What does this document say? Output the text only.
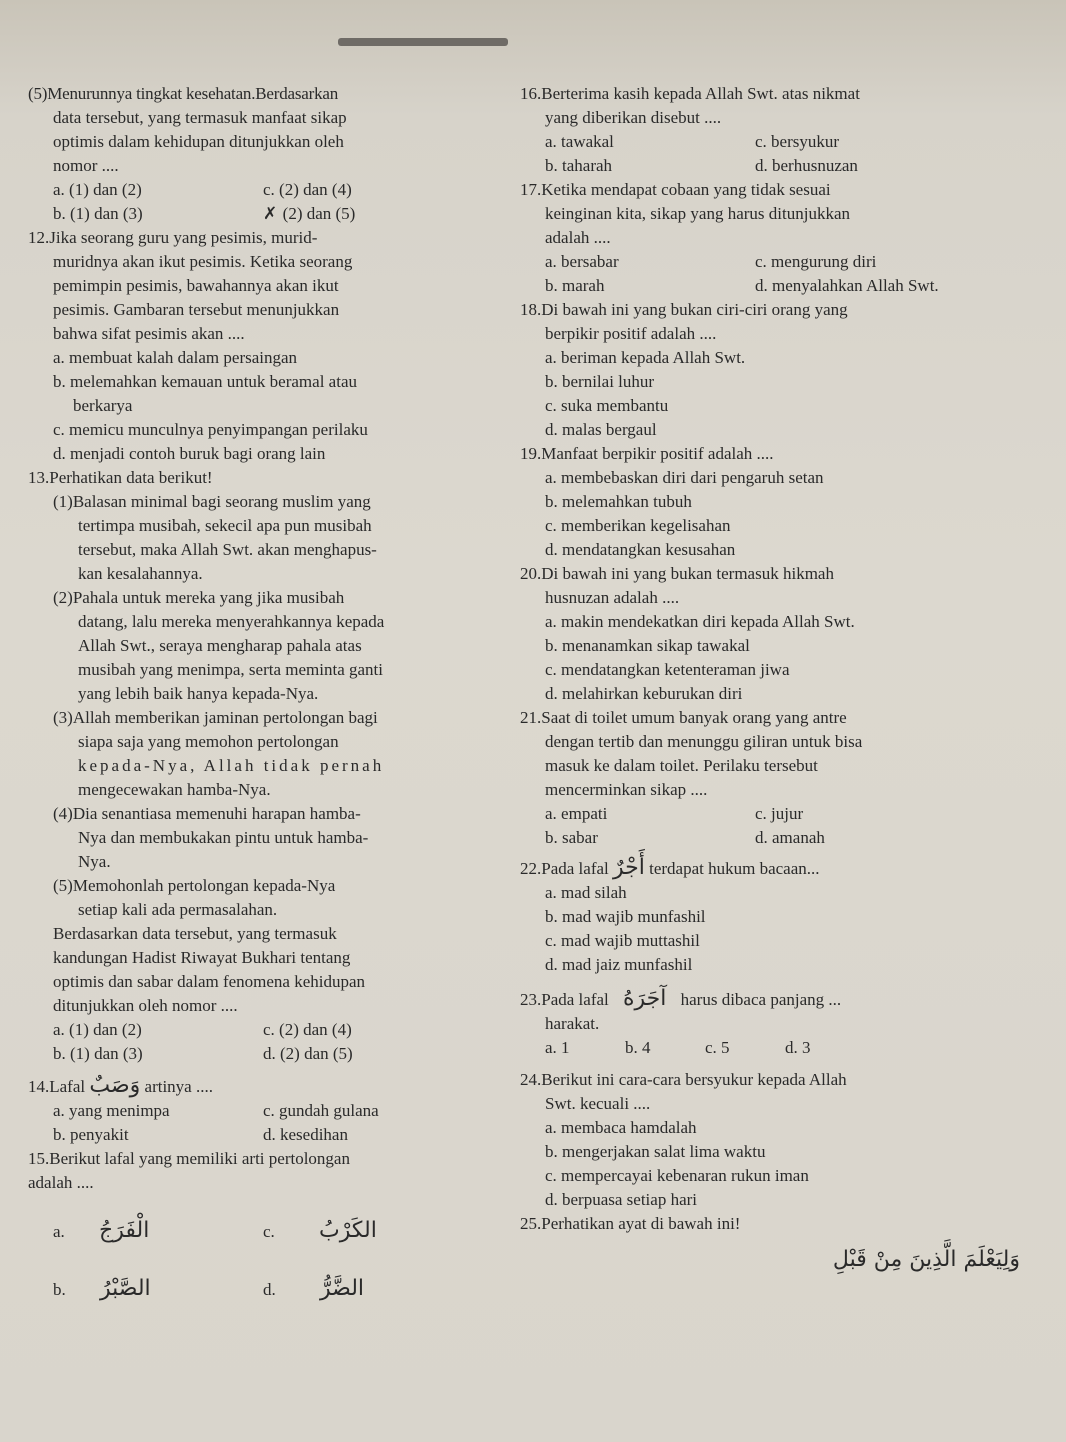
(5)Menurunnya tingkat kesehatan.Berdasarkan
data tersebut, yang termasuk manfaat sikap
optimis dalam kehidupan ditunjukkan oleh
nomor ....
a. (1) dan (2)	c. (2) dan (4)
b. (1) dan (3)	✗ (2) dan (5)
12.Jika seorang guru yang pesimis, murid-
muridnya akan ikut pesimis. Ketika seorang
pemimpin pesimis, bawahannya akan ikut
pesimis. Gambaran tersebut menunjukkan
bahwa sifat pesimis akan ....
a. membuat kalah dalam persaingan
b. melemahkan kemauan untuk beramal atau
berkarya
c. memicu munculnya penyimpangan perilaku
d. menjadi contoh buruk bagi orang lain
13.Perhatikan data berikut!
(1)Balasan minimal bagi seorang muslim yang
tertimpa musibah, sekecil apa pun musibah
tersebut, maka Allah Swt. akan menghapus-
kan kesalahannya.
(2)Pahala untuk mereka yang jika musibah
datang, lalu mereka menyerahkannya kepada
Allah Swt., seraya mengharap pahala atas
musibah yang menimpa, serta meminta ganti
yang lebih baik hanya kepada-Nya.
(3)Allah memberikan jaminan pertolongan bagi
siapa saja yang memohon pertolongan
kepada-Nya, Allah tidak pernah
mengecewakan hamba-Nya.
(4)Dia senantiasa memenuhi harapan hamba-
Nya dan membukakan pintu untuk hamba-
Nya.
(5)Memohonlah pertolongan kepada-Nya
setiap kali ada permasalahan.
Berdasarkan data tersebut, yang termasuk
kandungan Hadist Riwayat Bukhari tentang
optimis dan sabar dalam fenomena kehidupan
ditunjukkan oleh nomor ....
a. (1) dan (2)	c. (2) dan (4)
b. (1) dan (3)	d. (2) dan (5)
14.Lafal وَصَبٌ artinya ....
a. yang menimpa	c. gundah gulana
b. penyakit	d. kesedihan
15.Berikut lafal yang memiliki arti pertolongan
adalah ....
a. الْفَرَجُ	c. الكَرْبُ
b. الصَّبْرُ	d. الضَّرُّ
16.Berterima kasih kepada Allah Swt. atas nikmat
yang diberikan disebut ....
a. tawakal	c. bersyukur
b. taharah	d. berhusnuzan
17.Ketika mendapat cobaan yang tidak sesuai
keinginan kita, sikap yang harus ditunjukkan
adalah ....
a. bersabar	c. mengurung diri
b. marah	d. menyalahkan Allah Swt.
18.Di bawah ini yang bukan ciri-ciri orang yang
berpikir positif adalah ....
a. beriman kepada Allah Swt.
b. bernilai luhur
c. suka membantu
d. malas bergaul
19.Manfaat berpikir positif adalah ....
a. membebaskan diri dari pengaruh setan
b. melemahkan tubuh
c. memberikan kegelisahan
d. mendatangkan kesusahan
20.Di bawah ini yang bukan termasuk hikmah
husnuzan adalah ....
a. makin mendekatkan diri kepada Allah Swt.
b. menanamkan sikap tawakal
c. mendatangkan ketenteraman jiwa
d. melahirkan keburukan diri
21.Saat di toilet umum banyak orang yang antre
dengan tertib dan menunggu giliran untuk bisa
masuk ke dalam toilet. Perilaku tersebut
mencerminkan sikap ....
a. empati	c. jujur
b. sabar	d. amanah
22.Pada lafal أَجْرٌ terdapat hukum bacaan...
a. mad silah
b. mad wajib munfashil
c. mad wajib muttashil
d. mad jaiz munfashil
23.Pada lafal آجَرَهُ harus dibaca panjang ...
harakat.
a. 1	b. 4	c. 5	d. 3
24.Berikut ini cara-cara bersyukur kepada Allah
Swt. kecuali ....
a. membaca hamdalah
b. mengerjakan salat lima waktu
c. mempercayai kebenaran rukun iman
d. berpuasa setiap hari
25.Perhatikan ayat di bawah ini!
وَلِيَعْلَمَ الَّذِينَ مِنْ قَبْلِ
